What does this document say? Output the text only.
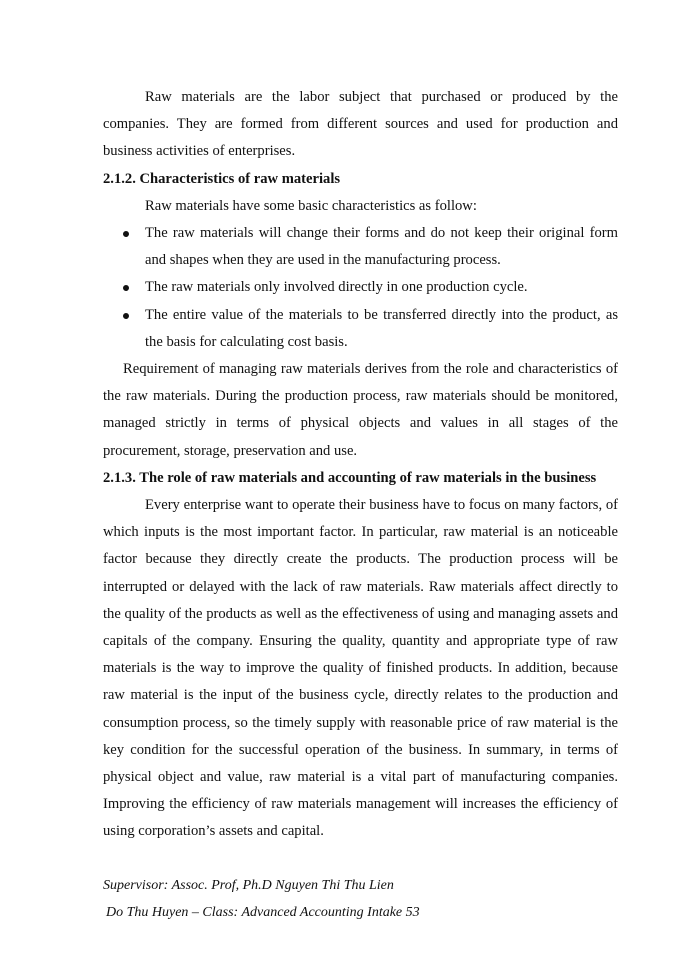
Raw materials are the labor subject that purchased or produced by the companies. They are formed from different sources and used for production and business activities of enterprises.

2.1.2. Characteristics of raw materials

Raw materials have some basic characteristics as follow:

The raw materials will change their forms and do not keep their original form and shapes when they are used in the manufacturing process.
The raw materials only involved directly in one production cycle.
The entire value of the materials to be transferred directly into the product, as the basis for calculating cost basis.

Requirement of managing raw materials derives from the role and characteristics of the raw materials. During the production process, raw materials should be monitored, managed strictly in terms of physical objects and values in all stages of the procurement, storage, preservation and use.

2.1.3. The role of raw materials and accounting of raw materials in the business

Every enterprise want to operate their business have to focus on many factors, of which inputs is the most important factor. In particular, raw material is an noticeable factor because they directly create the products. The production process will be interrupted or delayed with the lack of raw materials. Raw materials affect directly to the quality of the products as well as the effectiveness of using and managing assets and capitals of the company. Ensuring the quality, quantity and appropriate type of raw materials is the way to improve the quality of finished products. In addition, because raw material is the input of the business cycle, directly relates to the production and consumption process, so the timely supply with reasonable price of raw material is the key condition for the successful operation of the business. In summary, in terms of physical object and value, raw material is a vital part of manufacturing companies. Improving the efficiency of raw materials management will increases the efficiency of using corporation’s assets and capital.

Supervisor: Assoc. Prof, Ph.D Nguyen Thi Thu Lien
Do Thu Huyen – Class: Advanced Accounting Intake 53
